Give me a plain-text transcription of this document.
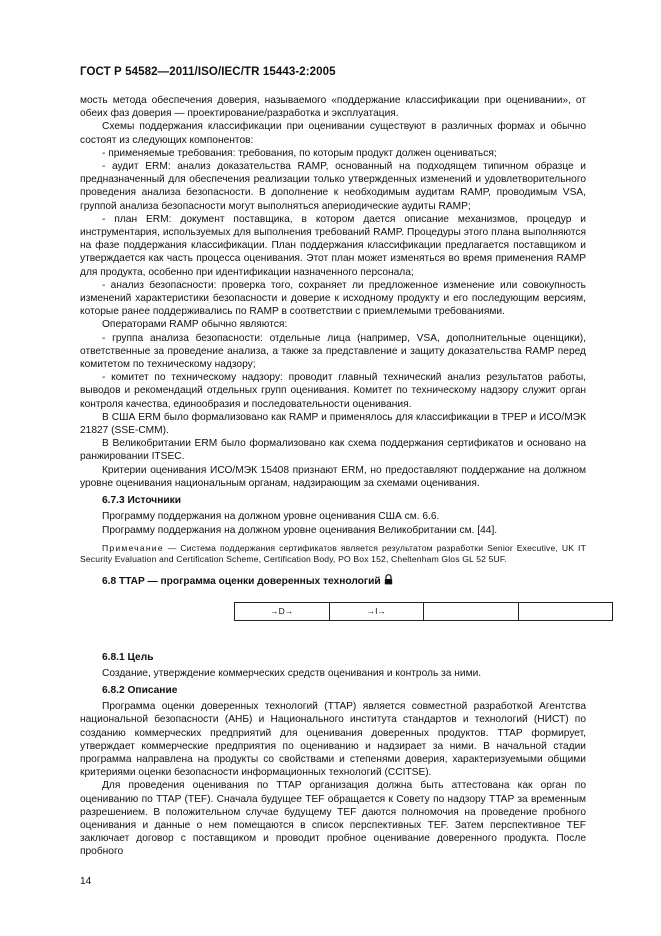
ГОСТ Р 54582—2011/ISO/IEC/TR 15443-2:2005

мость метода обеспечения доверия, называемого «поддержание классификации при оценивании», от обеих фаз доверия — проектирование/разработка и эксплуатация.

Схемы поддержания классификации при оценивании существуют в различных формах и обычно состоят из следующих компонентов:

- применяемые требования: требования, по которым продукт должен оцениваться;

- аудит ERM: анализ доказательства RAMP, основанный на подходящем типичном образце и предназначенный для обеспечения реализации только утвержденных изменений и удовлетворительного проведения анализа безопасности. В дополнение к необходимым аудитам RAMP, проводимым VSA, группой анализа безопасности могут выполняться апериодические аудиты RAMP;

- план ERM: документ поставщика, в котором дается описание механизмов, процедур и инструментария, используемых для выполнения требований RAMP. Процедуры этого плана выполняются на фазе поддержания классификации. План поддержания классификации предлагается поставщиком и утверждается как часть процесса оценивания. Этот план может изменяться во время применения RAMP для продукта, особенно при идентификации назначенного персонала;

- анализ безопасности: проверка того, сохраняет ли предложенное изменение или совокупность изменений характеристики безопасности и доверие к исходному продукту и его последующим версиям, которые ранее поддерживались по RAMP в соответствии с приемлемыми требованиями.

Операторами RAMP обычно являются:

- группа анализа безопасности: отдельные лица (например, VSA, дополнительные оценщики), ответственные за проведение анализа, а также за представление и защиту доказательства RAMP перед комитетом по техническому надзору;

- комитет по техническому надзору: проводит главный технический анализ результатов работы, выводов и рекомендаций отдельных групп оценивания. Комитет по техническому надзору служит орган контроля качества, единообразия и последовательности оценивания.

В США ERM было формализовано как RAMP и применялось для классификации в TPEP и ИСО/МЭК 21827 (SSE-CMM).

В Великобритании ERM было формализовано как схема поддержания сертификатов и основано на ранжировании ITSEC.

Критерии оценивания ИСО/МЭК 15408 признают ERM, но предоставляют поддержание на должном уровне оценивания национальным органам, надзирающим за схемами оценивания.

6.7.3 Источники

Программу поддержания на должном уровне оценивания США см. 6.6.

Программу поддержания на должном уровне оценивания Великобритании см. [44].

Примечание — Система поддержания сертификатов является результатом разработки Senior Executive, UK IT Security Evaluation and Certification Scheme, Certification Body, PO Box 152, Cheltenham Glos GL 52 5UF.

6.8 TTAP — программа оценки доверенных технологий

→D→	→I→

6.8.1 Цель

Создание, утверждение коммерческих средств оценивания и контроль за ними.

6.8.2 Описание

Программа оценки доверенных технологий (TTAP) является совместной разработкой Агентства национальной безопасности (АНБ) и Национального института стандартов и технологий (НИСТ) по созданию коммерческих предприятий для оценивания доверенных продуктов. TTAP формирует, утверждает коммерческие предприятия по оцениванию и надзирает за ними. В начальной стадии программа направлена на продукты со свойствами и степенями доверия, характеризуемыми общими критериями оценки безопасности информационных технологий (CCITSE).

Для проведения оценивания по TTAP организация должна быть аттестована как орган по оцениванию по TTAP (TEF). Сначала будущее TEF обращается к Совету по надзору TTAP за временным разрешением. В положительном случае будущему TEF даются полномочия на проведение пробного оценивания и данные о нем помещаются в список перспективных TEF. Затем перспективное TEF заключает договор с поставщиком и проводит пробное оценивание доверенного продукта. После пробного

14
